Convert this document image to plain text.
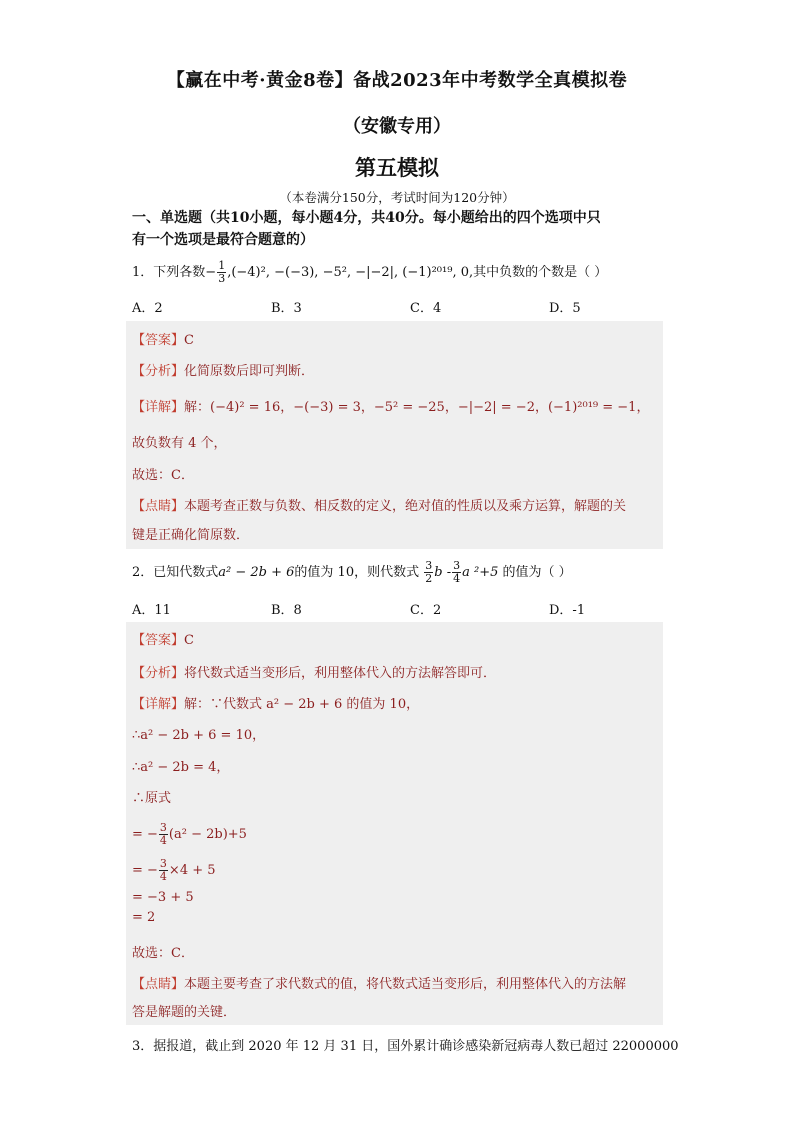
【赢在中考·黄金8卷】备战2023年中考数学全真模拟卷
（安徽专用）
第五模拟
（本卷满分150分，考试时间为120分钟）
一、单选题（共10小题，每小题4分，共40分。每小题给出的四个选项中只
有一个选项是最符合题意的）
1．下列各数− $\frac{1}{3} ,(-4)^2$, −(−3), −5², −|−2|, (−1)²⁰¹⁹, 0,其中负数的个数是（ ）
A．2	B．3	C．4	D．5
【答案】C
【分析】化简原数后即可判断．
【详解】解：(−4)² = 16，−(−3) = 3，−5² = −25，−|−2| = −2，(−1)²⁰¹⁹ = −1，
故负数有 4 个，
故选：C．
【点睛】本题考查正数与负数、相反数的定义，绝对值的性质以及乘方运算，解题的关
键是正确化简原数．
2．已知代数式a² − 2b + 6的值为 10，则代数式 $\frac{3}{2}$ b - $\frac{3}{4}$ a ²+5 的值为（ ）
A．11	B．8	C．2	D．-1
【答案】C
【分析】将代数式适当变形后，利用整体代入的方法解答即可．
【详解】解：∵代数式 a² − 2b + 6 的值为 10，
∴a² − 2b + 6 = 10，
∴a² − 2b = 4，
∴原式
= − $\frac{3}{4} (a^2 - 2b)+5$
= − $\frac{3}{4} \times 4 + 5$
= −3 + 5
= 2
故选：C．
【点睛】本题主要考查了求代数式的值，将代数式适当变形后，利用整体代入的方法解
答是解题的关键．
3．据报道，截止到 2020 年 12 月 31 日，国外累计确诊感染新冠病毒人数已超过 22000000
